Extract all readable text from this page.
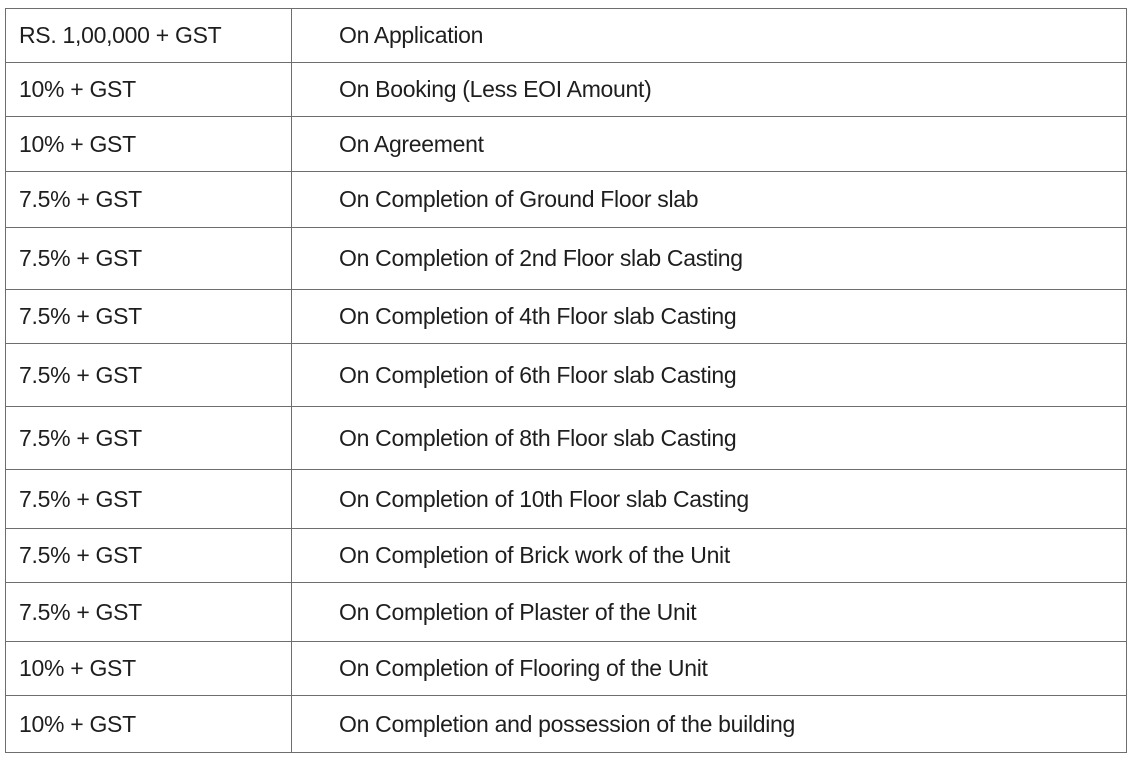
RS. 1,00,000 + GST	On Application
10% + GST	On Booking (Less EOI Amount)
10% + GST	On Agreement
7.5% + GST	On Completion of Ground Floor slab
7.5% + GST	On Completion of 2nd Floor slab Casting
7.5% + GST	On Completion of 4th Floor slab Casting
7.5% + GST	On Completion of 6th Floor slab Casting
7.5% + GST	On Completion of 8th Floor slab Casting
7.5% + GST	On Completion of 10th Floor slab Casting
7.5% + GST	On Completion of Brick work of the Unit
7.5% + GST	On Completion of Plaster of the Unit
10% + GST	On Completion of Flooring of the Unit
10% + GST	On Completion and possession of the building
